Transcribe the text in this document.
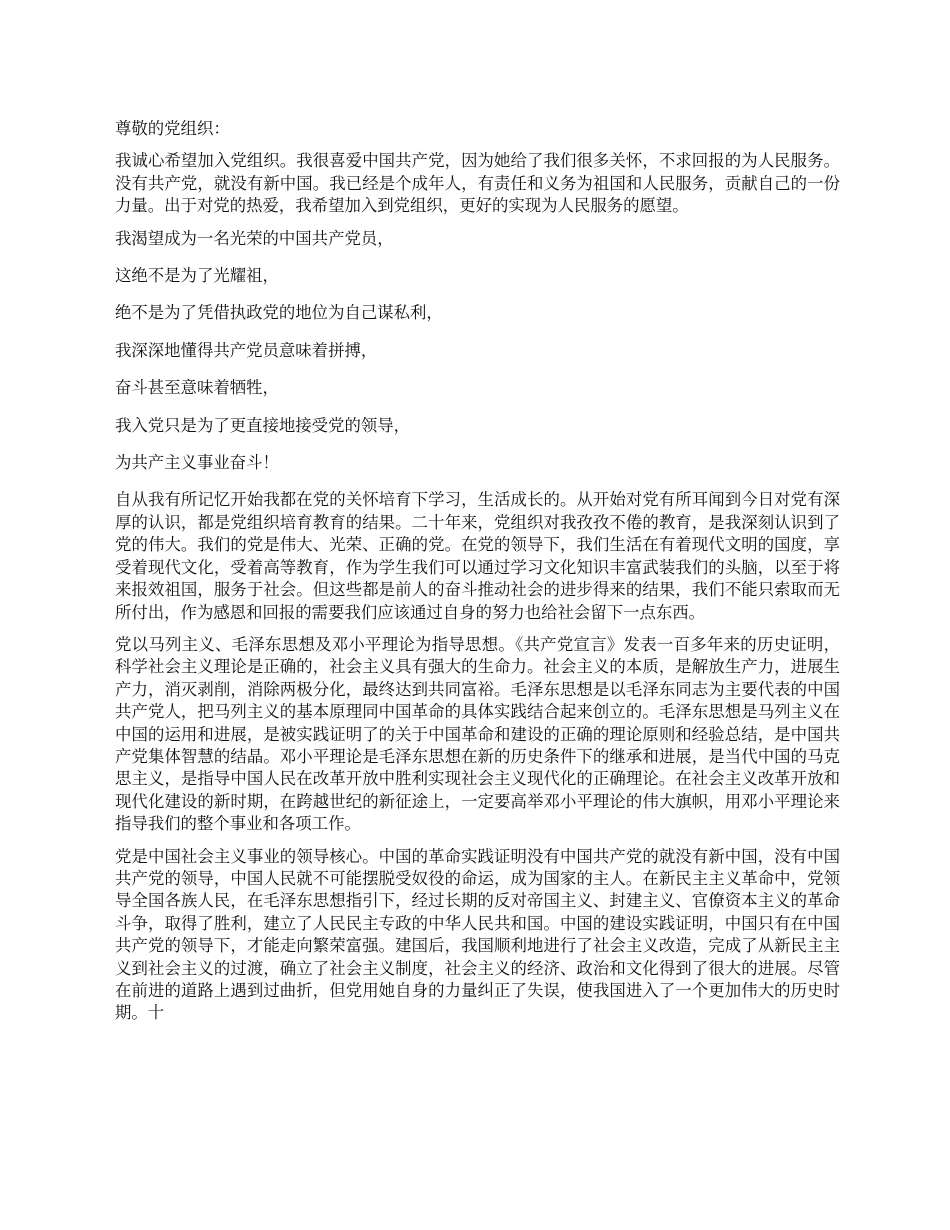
尊敬的党组织：

我诚心希望加入党组织。我很喜爱中国共产党，因为她给了我们很多关怀，不求回报的为人民服务。没有共产党，就没有新中国。我已经是个成年人，有责任和义务为祖国和人民服务，贡献自己的一份力量。出于对党的热爱，我希望加入到党组织，更好的实现为人民服务的愿望。

我渴望成为一名光荣的中国共产党员，

这绝不是为了光耀祖，

绝不是为了凭借执政党的地位为自己谋私利，

我深深地懂得共产党员意味着拼搏，

奋斗甚至意味着牺牲，

我入党只是为了更直接地接受党的领导，

为共产主义事业奋斗！

自从我有所记忆开始我都在党的关怀培育下学习，生活成长的。从开始对党有所耳闻到今日对党有深厚的认识，都是党组织培育教育的结果。二十年来，党组织对我孜孜不倦的教育，是我深刻认识到了党的伟大。我们的党是伟大、光荣、正确的党。在党的领导下，我们生活在有着现代文明的国度，享受着现代文化，受着高等教育，作为学生我们可以通过学习文化知识丰富武装我们的头脑，以至于将来报效祖国，服务于社会。但这些都是前人的奋斗推动社会的进步得来的结果，我们不能只索取而无所付出，作为感恩和回报的需要我们应该通过自身的努力也给社会留下一点东西。

党以马列主义、毛泽东思想及邓小平理论为指导思想。《共产党宣言》发表一百多年来的历史证明，科学社会主义理论是正确的，社会主义具有强大的生命力。社会主义的本质，是解放生产力，进展生产力，消灭剥削，消除两极分化，最终达到共同富裕。毛泽东思想是以毛泽东同志为主要代表的中国共产党人，把马列主义的基本原理同中国革命的具体实践结合起来创立的。毛泽东思想是马列主义在中国的运用和进展，是被实践证明了的关于中国革命和建设的正确的理论原则和经验总结，是中国共产党集体智慧的结晶。邓小平理论是毛泽东思想在新的历史条件下的继承和进展，是当代中国的马克思主义，是指导中国人民在改革开放中胜利实现社会主义现代化的正确理论。在社会主义改革开放和现代化建设的新时期，在跨越世纪的新征途上，一定要高举邓小平理论的伟大旗帜，用邓小平理论来指导我们的整个事业和各项工作。

党是中国社会主义事业的领导核心。中国的革命实践证明没有中国共产党的就没有新中国，没有中国共产党的领导，中国人民就不可能摆脱受奴役的命运，成为国家的主人。在新民主主义革命中，党领导全国各族人民，在毛泽东思想指引下，经过长期的反对帝国主义、封建主义、官僚资本主义的革命斗争，取得了胜利，建立了人民民主专政的中华人民共和国。中国的建设实践证明，中国只有在中国共产党的领导下，才能走向繁荣富强。建国后，我国顺利地进行了社会主义改造，完成了从新民主主义到社会主义的过渡，确立了社会主义制度，社会主义的经济、政治和文化得到了很大的进展。尽管在前进的道路上遇到过曲折，但党用她自身的力量纠正了失误，使我国进入了一个更加伟大的历史时期。十
